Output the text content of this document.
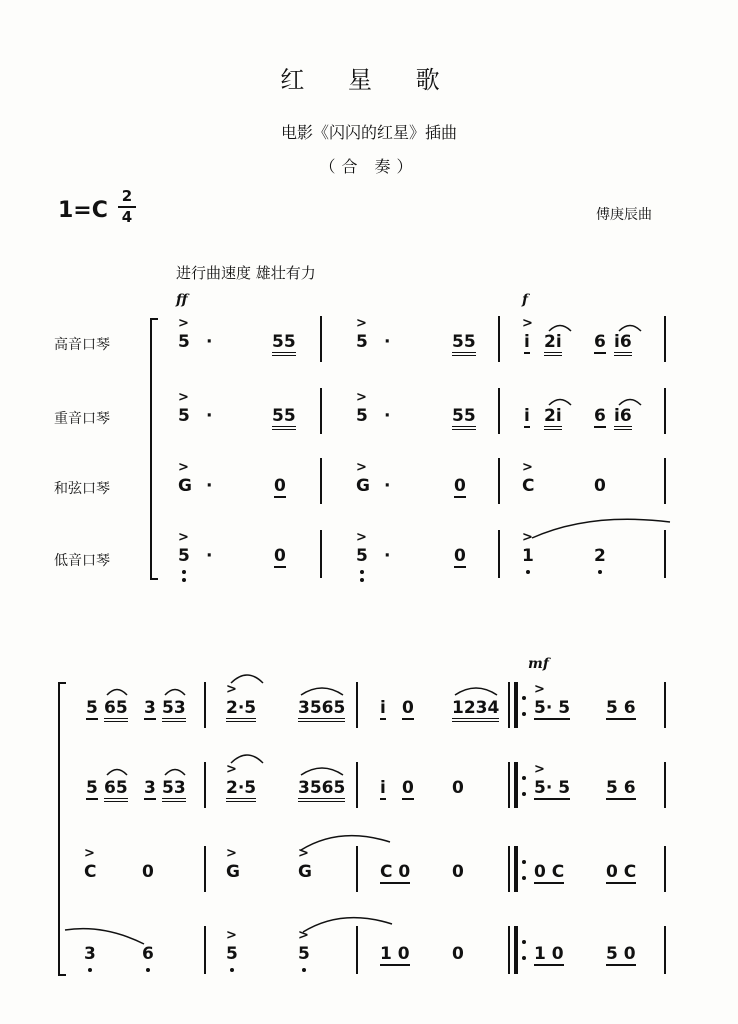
红 星 歌
电影《闪闪的红星》插曲
（合 奏）
1=C
2
4	傅庚辰曲
进行曲速度 雄壮有力
ff	f
高音口琴
重音口琴
和弦口琴
低音口琴
>
5 ·	55
>
5 ·	55
>
i 2i 6 i6
>
5 ·	55
>
5 ·	55	i 2i 6 i6
>
G ·	0
>
G ·	0
>
C	0
>
5 ·	0
>
5 ·	0
>
1	2
mf
5 65 3 53
>
2·5 3565 i 0 1234
>
5· 5 5 6
5 65 3 53
>
2·5 3565 i 0 0
>
5· 5 5 6
>
C	0
>
G
>
G	C 0 0	0 C 0 C
3	6
>
5
>
5	1 0 0	1 0 5 0
